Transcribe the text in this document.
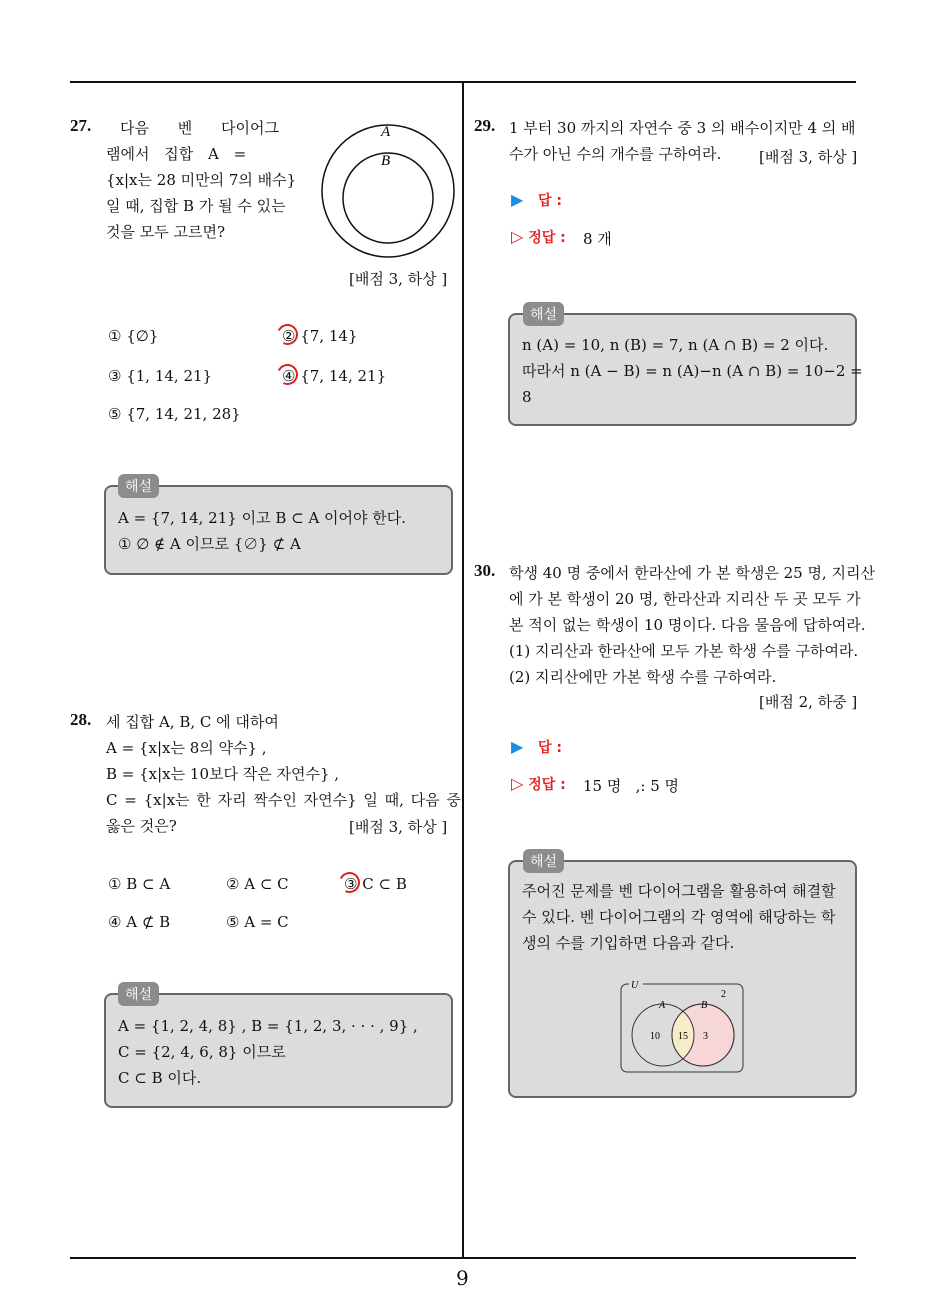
9
27. 다음 벤 다이어그
램에서 집합 A =
{x|x는 28 미만의 7의 배수}
일 때, 집합 B 가 될 수 있는
것을 모두 고르면?
A
B
[배점 3, 하상 ]
① {∅}	② {7, 14}
③ {1, 14, 21}	④ {7, 14, 21}
⑤ {7, 14, 21, 28}
해설
A = {7, 14, 21} 이고 B ⊂ A 이어야 한다.
① ∅ ∉ A 이므로 {∅} ⊄ A
28. 세 집합 A, B, C 에 대하여
A = {x|x는 8의 약수} ,
B = {x|x는 10보다 작은 자연수} ,
C = {x|x는 한 자리 짝수인 자연수} 일 때, 다음 중
옳은 것은?	[배점 3, 하상 ]
① B ⊂ A	② A ⊂ C	③ C ⊂ B
④ A ⊄ B	⑤ A = C
해설
A = {1, 2, 4, 8} , B = {1, 2, 3, · · · , 9} ,
C = {2, 4, 6, 8} 이므로
C ⊂ B 이다.
29. 1 부터 30 까지의 자연수 중 3 의 배수이지만 4 의 배
수가 아닌 수의 개수를 구하여라.	[배점 3, 하상 ]
▶ 답 :
▷ 정답 : 8 개
해설
n (A) = 10, n (B) = 7, n (A ∩ B) = 2 이다.
따라서 n (A − B) = n (A)−n (A ∩ B) = 10−2 =
8
30. 학생 40 명 중에서 한라산에 가 본 학생은 25 명, 지리산
에 가 본 학생이 20 명, 한라산과 지리산 두 곳 모두 가
본 적이 없는 학생이 10 명이다. 다음 물음에 답하여라.
(1) 지리산과 한라산에 모두 가본 학생 수를 구하여라.
(2) 지리산에만 가본 학생 수를 구하여라.
[배점 2, 하중 ]
▶ 답 :
▷ 정답 : 15 명   ,: 5 명
해설
주어진 문제를 벤 다이어그램을 활용하여 해결할
수 있다. 벤 다이어그램의 각 영역에 해당하는 학
생의 수를 기입하면 다음과 같다.
U
A	B
2
10 15 3
